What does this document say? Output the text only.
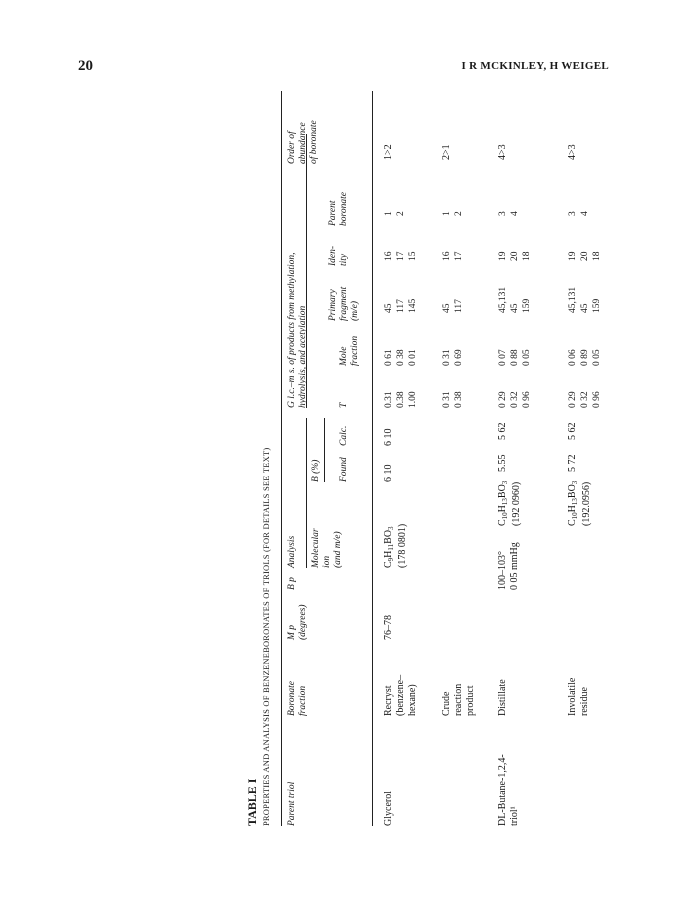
20	I R MCKINLEY, H WEIGEL
TABLE I PROPERTIES AND ANALYSIS OF BENZENEBORONATES OF TRIOLS (FOR DETAILS SEE TEXT) Parent triol
Boronate
fraction
M p
(degrees)
B p
Analysis Molecular
ion
(and m/e)
B (%) Found
Calc.
G l.c.–m s. of products from methylation,
hydrolysis, and acetylation	T
Mole
fraction
Primary
fragment
(m/e)
Iden-
tity
Parent
boronate
Order of
abundance
of boronate
Glycerol
Recryst
(benzene–
hexane)
76–78
$C_9H_{11}BO_3$ (178 0801)
6 10
6 10
0.31 0.38 1.00
0 61 0 38 0 01
45 117 145
16 17 15
1 2
1>2
Crude
reaction
product
0 31 0 38
0 31 0 69
45 117
16 17
1 2
2>1
DL-Butane-1,2,4-
triol¹
Distillate
100–103°
0 05 mmHg
$C_{10}H_{13}BO_3$ (192 0960)
5.55
5 62
0 29 0 32 0 96
0 07 0 88 0 05
45,131 45 159
19 20 18
3 4
4>3
Involatile
residue
$C_{10}H_{13}BO_3$ (192.0956)
5 72
5 62
0 29 0 32 0 96
0 06 0 89 0 05
45,131 45 159
19 20 18
3 4
4>3
